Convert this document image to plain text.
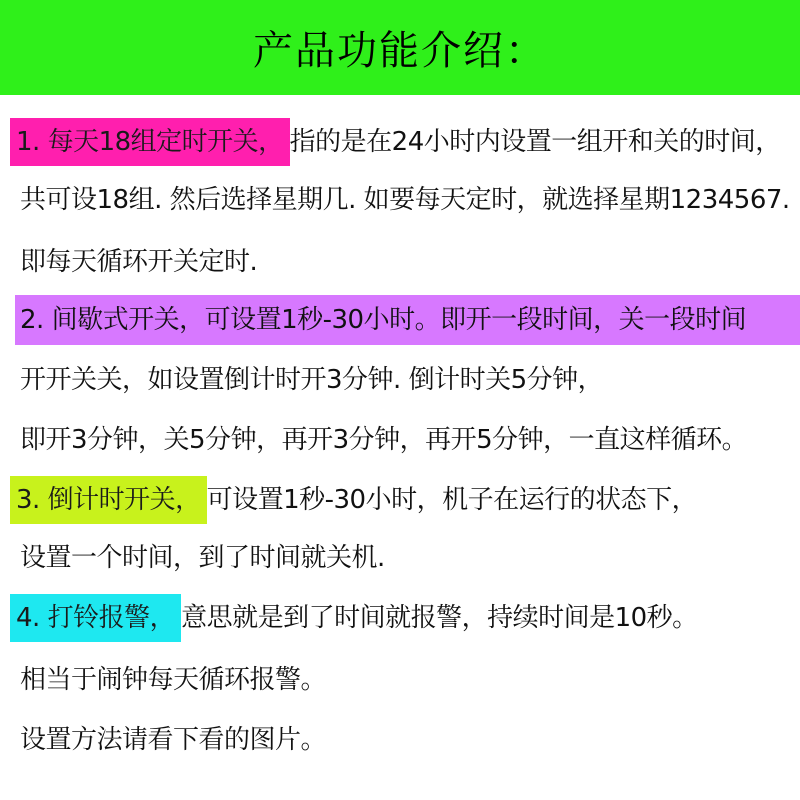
产品功能介绍：
1. 每天18组定时开关， 指的是在24小时内设置一组开和关的时间，
共可设18组. 然后选择星期几. 如要每天定时，就选择星期1234567.
即每天循环开关定时.
2. 间歇式开关，可设置1秒-30小时。即开一段时间，关一段时间
开开关关，如设置倒计时开3分钟. 倒计时关5分钟，
即开3分钟，关5分钟，再开3分钟，再开5分钟，一直这样循环。
3. 倒计时开关， 可设置1秒-30小时，机子在运行的状态下，
设置一个时间，到了时间就关机.
4. 打铃报警， 意思就是到了时间就报警，持续时间是10秒。
相当于闹钟每天循环报警。
设置方法请看下看的图片。
